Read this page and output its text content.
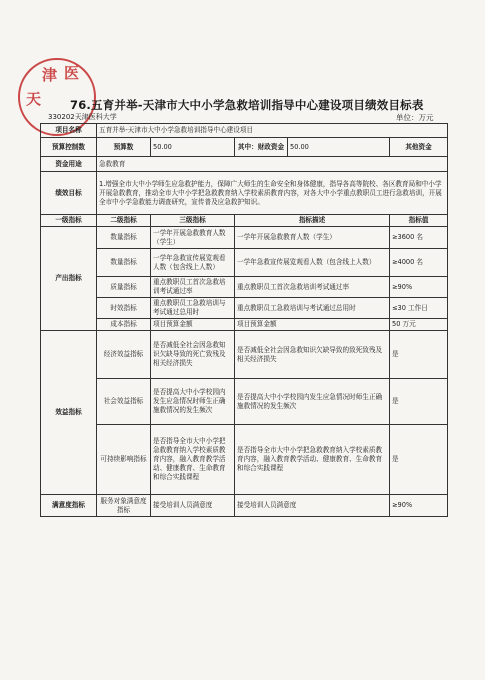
天
津 医
76.五育并举-天津市大中小学急救培训指导中心建设项目绩效目标表
330202天津医科大学	单位：万元
项目名称	五育并举-天津市大中小学急救培训指导中心建设项目				
预算控制数	预算数	50.00	其中：财政资金	50.00	其他资金
资金用途	急救教育				
绩效目标	1.增强全市大中小学师生应急救护能力，保障广大师生的生命安全和身体健康，指导各高等院校、各区教育局和中小学开展急救教育，推动全市大中小学把急救教育纳入学校素质教育内容，对各大中小学重点教职员工进行急救培训，开展全市中小学急救能力调查研究，宣传普及应急救护知识。				
一级指标	二级指标	三级指标	指标描述		指标值
产出指标	数量指标	一学年开展急救教育人数（学生）	一学年开展急救教育人数（学生）		≥3600 名
	数量指标	一学年急救宣传展览观看人数（包含线上人数）	一学年急救宣传展览观看人数（包含线上人数）		≥4000 名
	质量指标	重点教职员工首次急救培训考试通过率	重点教职员工首次急救培训考试通过率		≥90%
	时效指标	重点教职员工急救培训与考试通过总用时	重点教职员工急救培训与考试通过总用时		≤30 工作日
	成本指标	项目预算金额	项目预算金额		50 万元
效益指标	经济效益指标	是否减低全社会因急救知识欠缺导致的死亡致残及相关经济损失	是否减低全社会因急救知识欠缺导致的致死致残及相关经济损失		是
	社会效益指标	是否提高大中小学校园内发生应急情况时师生正确施救情况的发生频次	是否提高大中小学校园内发生应急情况时师生正确施救情况的发生频次		是
	可持续影响指标	是否指导全市大中小学把急救教育纳入学校素质教育内容，融入教育教学活动、健康教育、生命教育和综合实践课程	是否指导全市大中小学把急救教育纳入学校素质教育内容，融入教育教学活动、健康教育、生命教育和综合实践课程		是
满意度指标	服务对象满意度指标	接受培训人员满意度	接受培训人员满意度		≥90%
